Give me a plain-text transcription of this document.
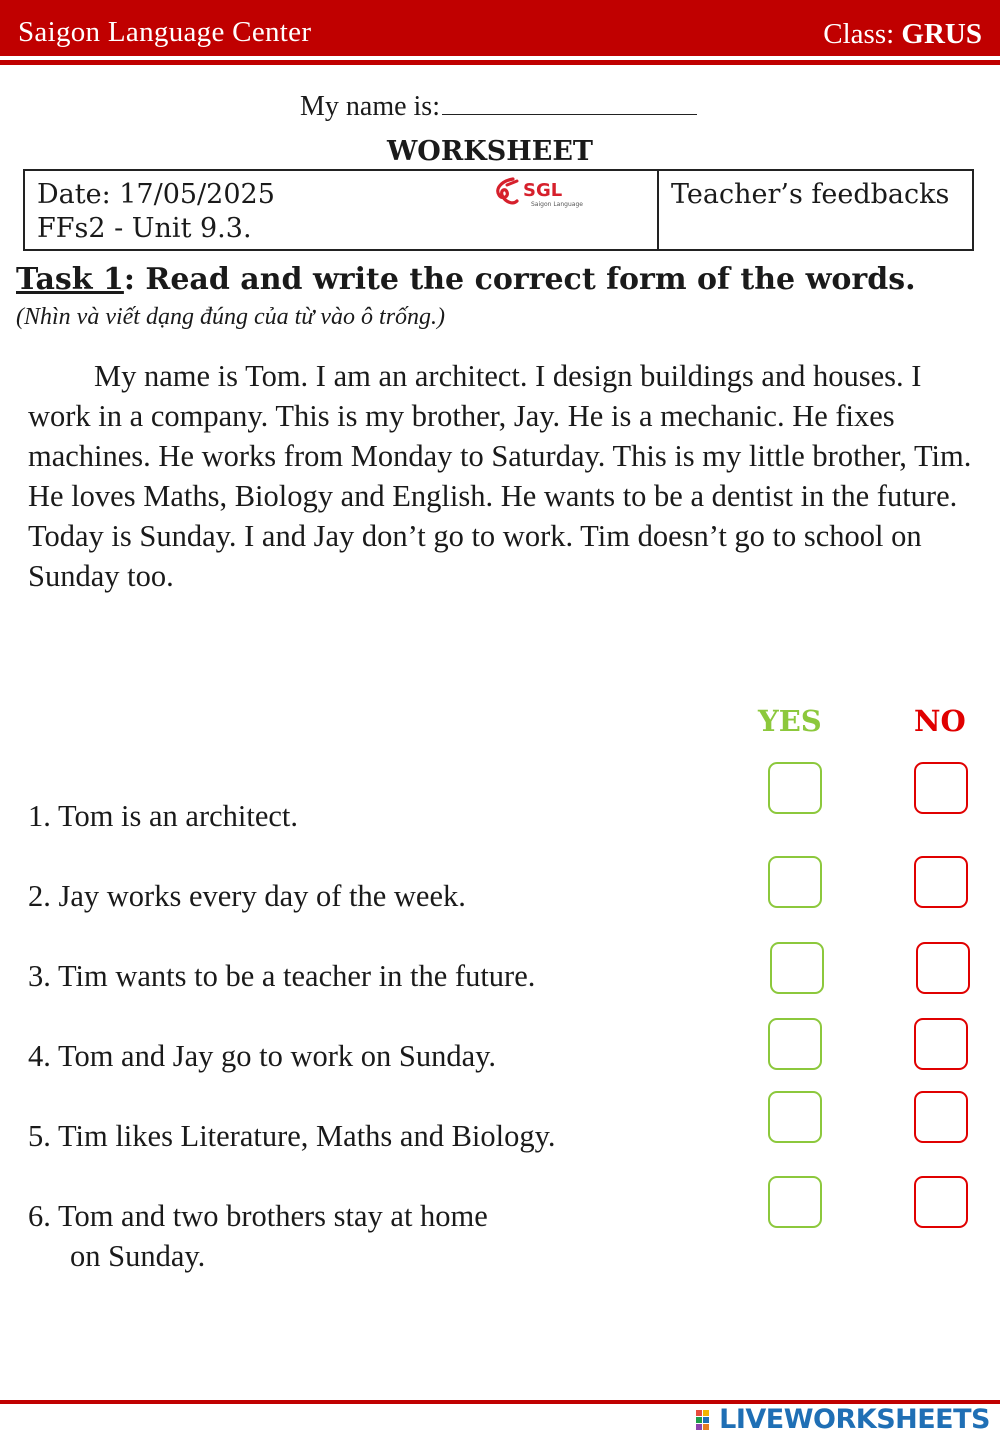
Saigon Language Center	Class: GRUS
My name is:
WORKSHEET
Date: 17/05/2025
FFs2 - Unit 9.3.
SGL
Saigon Language	Teacher’s feedbacks
Task 1: Read and write the correct form of the words.
(Nhìn và viết dạng đúng của từ vào ô trống.)

My name is Tom. I am an architect. I design buildings and houses. I work in a company. This is my brother, Jay. He is a mechanic. He fixes machines. He works from Monday to Saturday. This is my little brother, Tim. He loves Maths, Biology and English. He wants to be a dentist in the future. Today is Sunday. I and Jay don’t go to work. Tim doesn’t go to school on Sunday too.

YES	NO
1. Tom is an architect.
2. Jay works every day of the week.
3. Tim wants to be a teacher in the future.
4. Tom and Jay go to work on Sunday.
5. Tim likes Literature, Maths and Biology.
6. Tom and two brothers stay at home
on Sunday.
LIVEWORKSHEETS
